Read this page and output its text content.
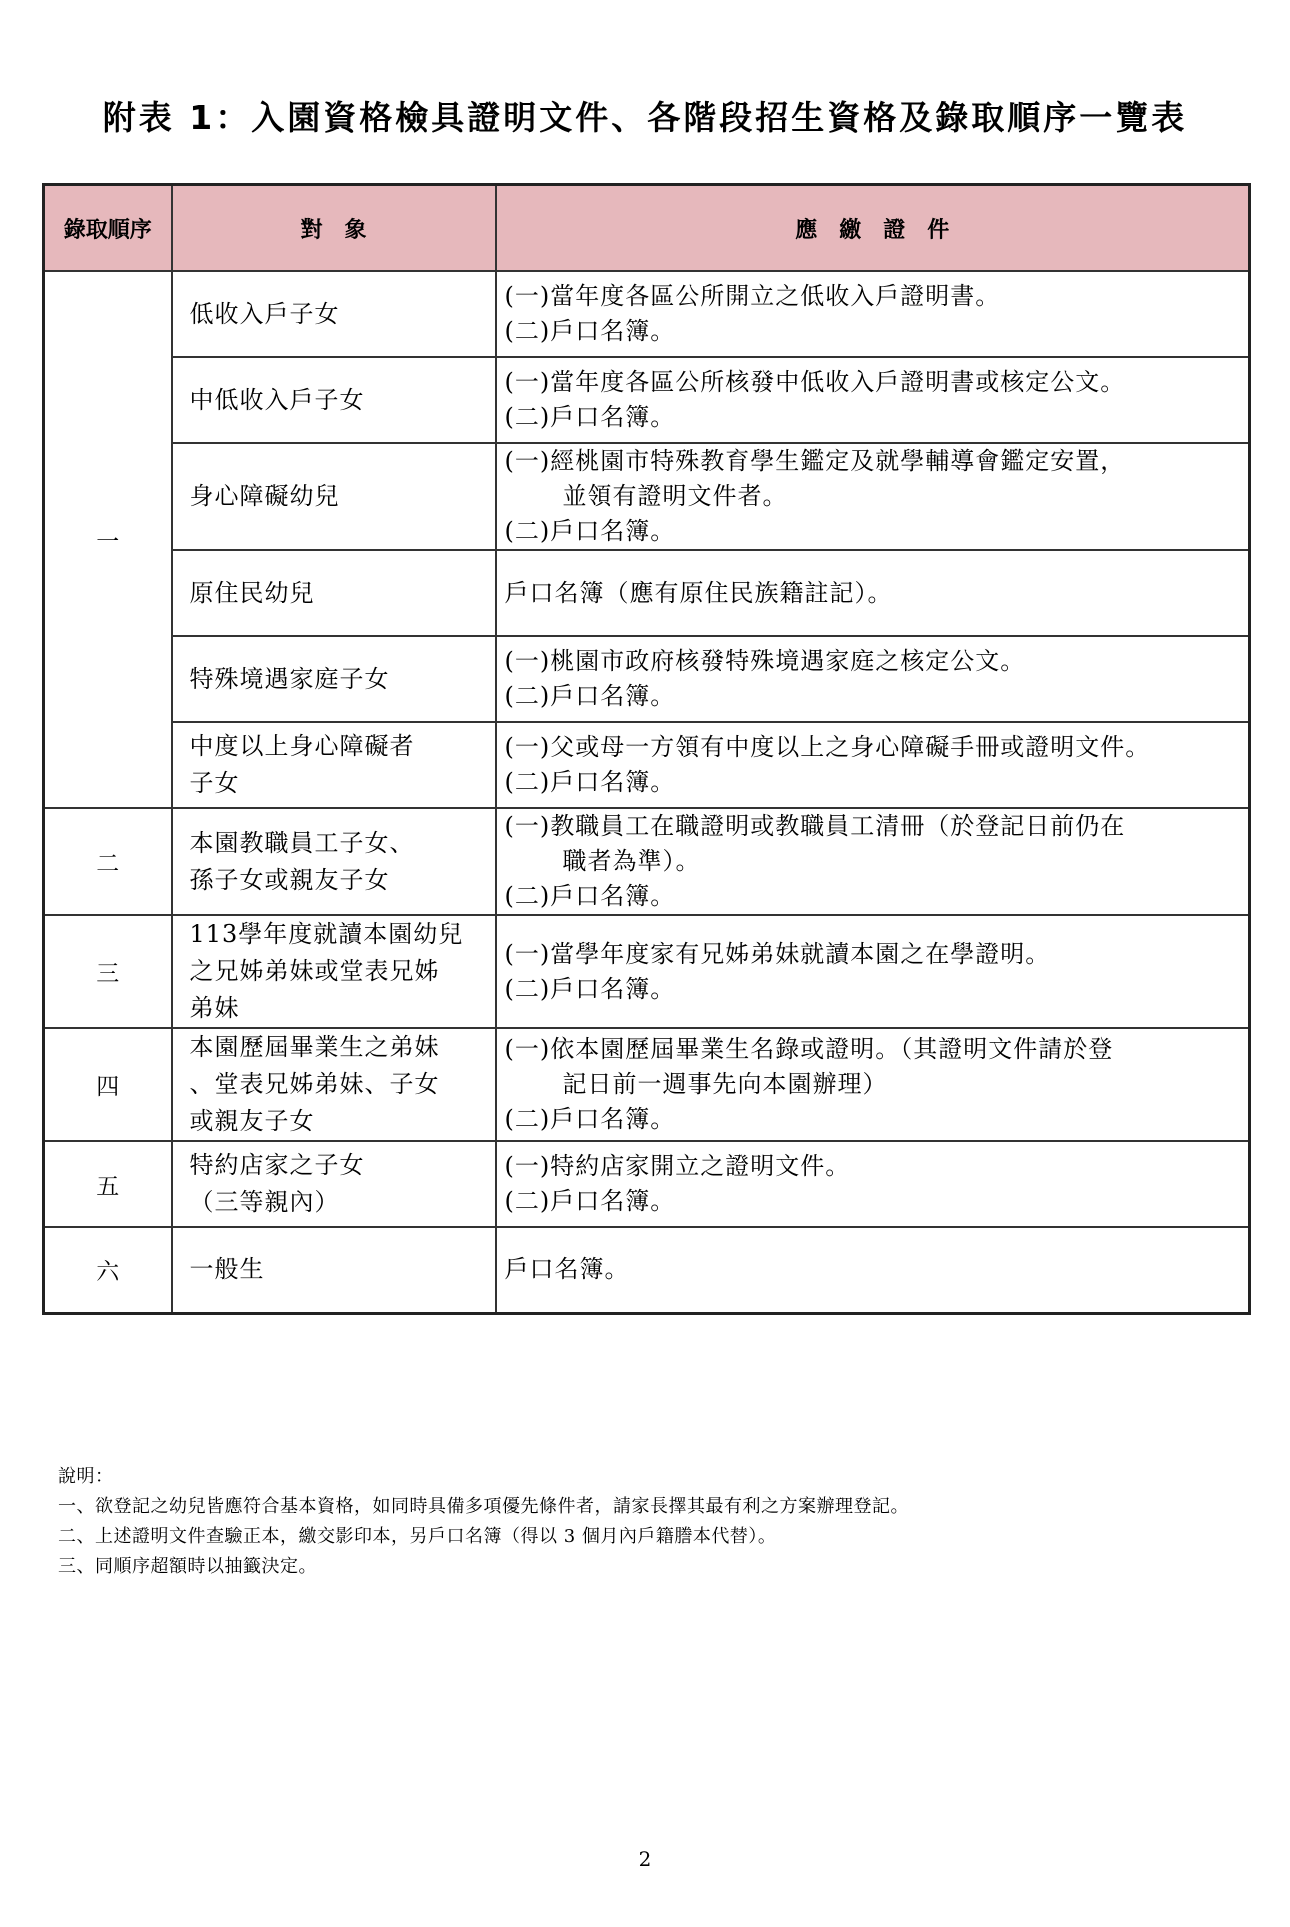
附表 1：入園資格檢具證明文件、各階段招生資格及錄取順序一覽表
錄取順序	對　象	應　繳　證　件
一	低收入戶子女	(一)當年度各區公所開立之低收入戶證明書。
(二)戶口名簿。

	中低收入戶子女	(一)當年度各區公所核發中低收入戶證明書或核定公文。
(二)戶口名簿。

	身心障礙幼兒	(一)經桃園市特殊教育學生鑑定及就學輔導會鑑定安置，
並領有證明文件者。
(二)戶口名簿。

	原住民幼兒	戶口名簿（應有原住民族籍註記）。

	特殊境遇家庭子女	(一)桃園市政府核發特殊境遇家庭之核定公文。
(二)戶口名簿。

	中度以上身心障礙者
子女	(一)父或母一方領有中度以上之身心障礙手冊或證明文件。
(二)戶口名簿。

二	本園教職員工子女、
孫子女或親友子女	(一)教職員工在職證明或教職員工清冊（於登記日前仍在
職者為準）。
(二)戶口名簿。

三	113學年度就讀本園幼兒
之兄姊弟妹或堂表兄姊
弟妹	(一)當學年度家有兄姊弟妹就讀本園之在學證明。
(二)戶口名簿。

四	本園歷屆畢業生之弟妹
、堂表兄姊弟妹、子女
或親友子女	(一)依本園歷屆畢業生名錄或證明。（其證明文件請於登
記日前一週事先向本園辦理）
(二)戶口名簿。

五	特約店家之子女
（三等親內）	(一)特約店家開立之證明文件。
(二)戶口名簿。

六	一般生	戶口名簿。
說明：
一、欲登記之幼兒皆應符合基本資格，如同時具備多項優先條件者，請家長擇其最有利之方案辦理登記。
二、上述證明文件查驗正本，繳交影印本，另戶口名簿（得以 3 個月內戶籍謄本代替）。
三、同順序超額時以抽籤決定。
2
